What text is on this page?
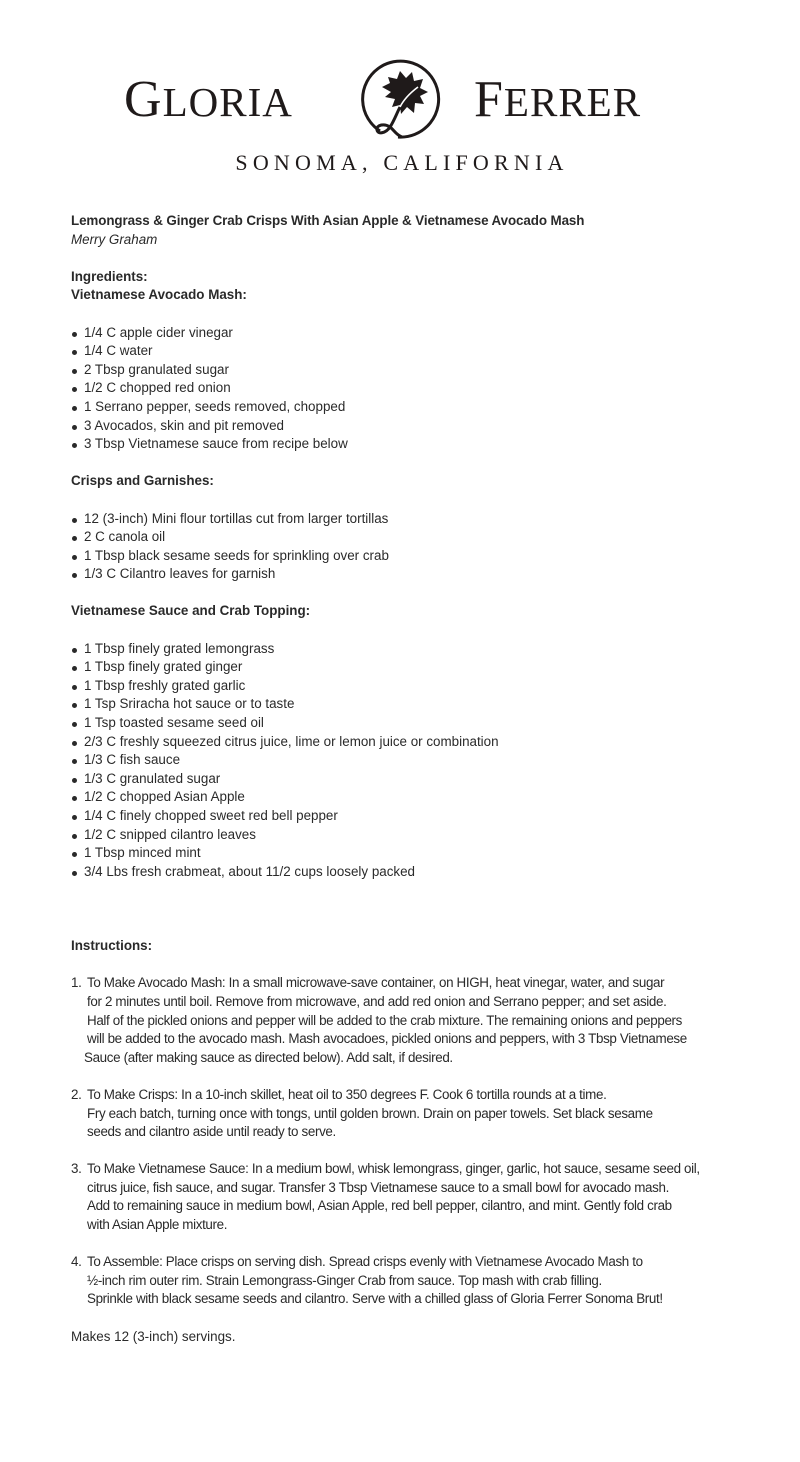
GLORIA	FERRER
SONOMA, CALIFORNIA

Lemongrass & Ginger Crab Crisps With Asian Apple & Vietnamese Avocado Mash

Merry Graham

Ingredients:
Vietnamese Avocado Mash:
1/4 C apple cider vinegar
1/4 C water
2 Tbsp granulated sugar
1/2 C chopped red onion
1 Serrano pepper, seeds removed, chopped
3 Avocados, skin and pit removed
3 Tbsp Vietnamese sauce from recipe below
Crisps and Garnishes:
12 (3-inch) Mini flour tortillas cut from larger tortillas
2 C canola oil
1 Tbsp black sesame seeds for sprinkling over crab
1/3 C Cilantro leaves for garnish
Vietnamese Sauce and Crab Topping:
1 Tbsp finely grated lemongrass
1 Tbsp finely grated ginger
1 Tbsp freshly grated garlic
1 Tsp Sriracha hot sauce or to taste
1 Tsp toasted sesame seed oil
2/3 C freshly squeezed citrus juice, lime or lemon juice or combination
1/3 C fish sauce
1/3 C granulated sugar
1/2 C chopped Asian Apple
1/4 C finely chopped sweet red bell pepper
1/2 C snipped cilantro leaves
1 Tbsp minced mint
3/4 Lbs fresh crabmeat, about 11/2 cups loosely packed
Instructions:
1. To Make Avocado Mash: In a small microwave-save container, on HIGH, heat vinegar, water, and sugar
for 2 minutes until boil. Remove from microwave, and add red onion and Serrano pepper; and set aside.
Half of the pickled onions and pepper will be added to the crab mixture. The remaining onions and peppers
will be added to the avocado mash. Mash avocadoes, pickled onions and peppers, with 3 Tbsp Vietnamese
Sauce (after making sauce as directed below). Add salt, if desired.
2. To Make Crisps: In a 10-inch skillet, heat oil to 350 degrees F. Cook 6 tortilla rounds at a time.
Fry each batch, turning once with tongs, until golden brown. Drain on paper towels. Set black sesame
seeds and cilantro aside until ready to serve.
3. To Make Vietnamese Sauce: In a medium bowl, whisk lemongrass, ginger, garlic, hot sauce, sesame seed oil,
citrus juice, fish sauce, and sugar. Transfer 3 Tbsp Vietnamese sauce to a small bowl for avocado mash.
Add to remaining sauce in medium bowl, Asian Apple, red bell pepper, cilantro, and mint. Gently fold crab
with Asian Apple mixture.
4. To Assemble: Place crisps on serving dish. Spread crisps evenly with Vietnamese Avocado Mash to
½-inch rim outer rim. Strain Lemongrass-Ginger Crab from sauce. Top mash with crab filling.
Sprinkle with black sesame seeds and cilantro. Serve with a chilled glass of Gloria Ferrer Sonoma Brut!
Makes 12 (3-inch) servings.
